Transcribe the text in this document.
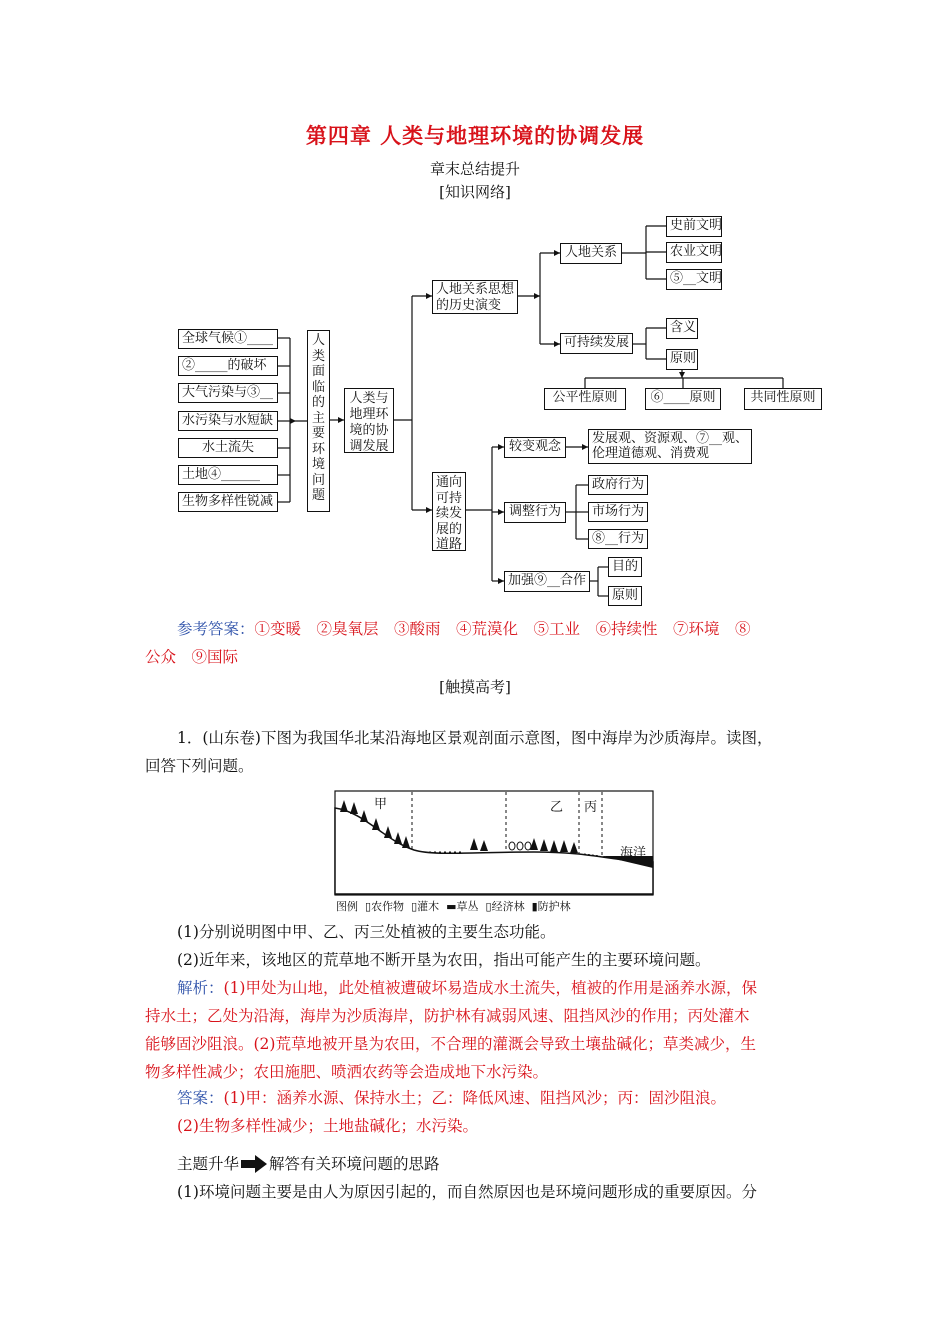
第四章 人类与地理环境的协调发展
章末总结提升
[知识网络]
全球气候①____
②_____的破坏
大气污染与③__
水污染与水短缺
水土流失
土地④______
生物多样性锐减
人类面临的主要环境问题
人类与地理环境的协调发展
人地关系思想的历史演变
人地关系
史前文明
农业文明
⑤__文明
可持续发展
含义
原则
公平性原则	⑥____原则	共同性原则
通向可持续发展的道路
较变观念
发展观、资源观、⑦__观、
伦理道德观、消费观
调整行为
政府行为
市场行为
⑧__行为
加强⑨__合作
目的
原则
参考答案：①变暖　②臭氧层　③酸雨　④荒漠化　⑤工业　⑥持续性　⑦环境　⑧
公众　⑨国际
[触摸高考]
1．(山东卷)下图为我国华北某沿海地区景观剖面示意图，图中海岸为沙质海岸。读图，
回答下列问题。
甲	乙 丙
海洋
图例 ▯农作物 ▯灌木 ▬草丛 ▯经济林 ▮防护林
(1)分别说明图中甲、乙、丙三处植被的主要生态功能。
(2)近年来，该地区的荒草地不断开垦为农田，指出可能产生的主要环境问题。
解析：(1)甲处为山地，此处植被遭破坏易造成水土流失，植被的作用是涵养水源，保
持水土；乙处为沿海，海岸为沙质海岸，防护林有减弱风速、阻挡风沙的作用；丙处灌木
能够固沙阻浪。(2)荒草地被开垦为农田，不合理的灌溉会导致土壤盐碱化；草类减少，生
物多样性减少；农田施肥、喷洒农药等会造成地下水污染。
答案：(1)甲：涵养水源、保持水土；乙：降低风速、阻挡风沙；丙：固沙阻浪。
(2)生物多样性减少；土地盐碱化；水污染。
主题升华 解答有关环境问题的思路
(1)环境问题主要是由人为原因引起的，而自然原因也是环境问题形成的重要原因。分
